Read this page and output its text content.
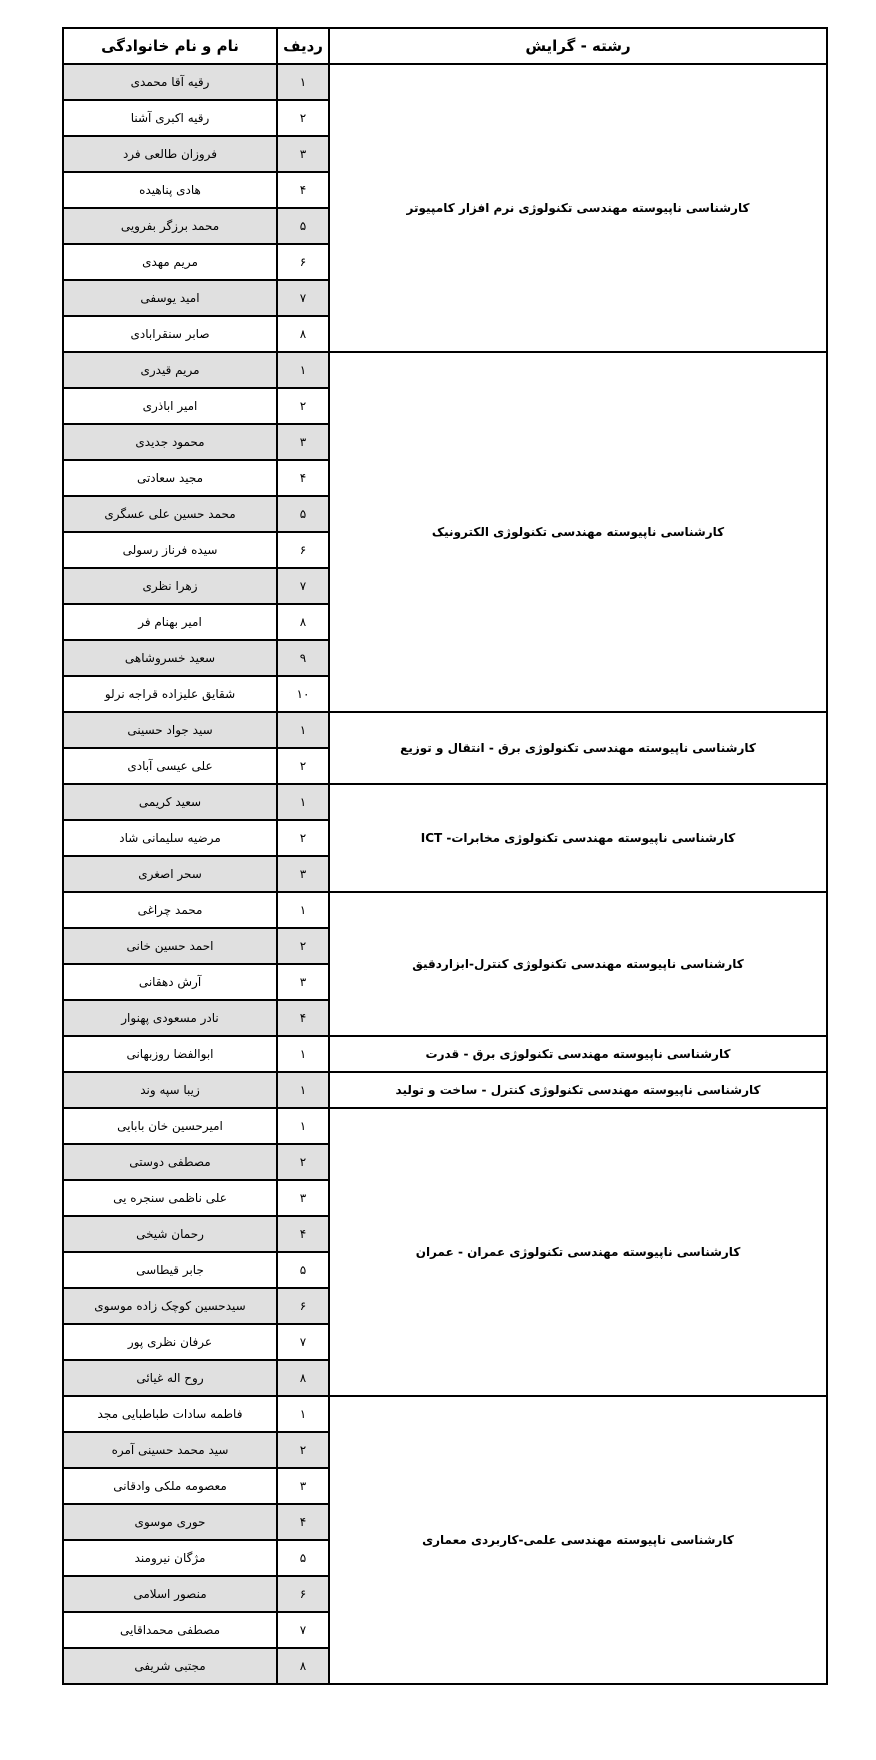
رشته - گرایش	ردیف	نام و نام خانوادگی
کارشناسی ناپیوسته مهندسی تکنولوژی نرم افزار کامپیوتر	۱	رقیه آقا محمدی
	۲	رقیه اکبری آشنا
	۳	فروزان طالعی فرد
	۴	هادی پناهیده
	۵	محمد برزگر بفرویی
	۶	مریم مهدی
	۷	امید یوسفی
	۸	صابر سنقرابادی
کارشناسی ناپیوسته مهندسی تکنولوژی الکترونیک	۱	مریم قیدری
	۲	امیر اباذری
	۳	محمود جدیدی
	۴	مجید سعادتی
	۵	محمد حسین علی عسگری
	۶	سیده فرناز رسولی
	۷	زهرا نظری
	۸	امیر بهنام فر
	۹	سعید خسروشاهی
	۱۰	شقایق علیزاده قراجه نرلو
کارشناسی ناپیوسته مهندسی تکنولوژی برق - انتقال و توزیع	۱	سید جواد حسینی
	۲	علی عیسی آبادی
کارشناسی ناپیوسته مهندسی تکنولوژی مخابرات- ICT	۱	سعید کریمی
	۲	مرضیه سلیمانی شاد
	۳	سحر اصغری
کارشناسی ناپیوسته مهندسی تکنولوژی کنترل-ابزاردقیق	۱	محمد چراغی
	۲	احمد حسین خانی
	۳	آرش دهقانی
	۴	نادر مسعودی پهنوار
کارشناسی ناپیوسته مهندسی تکنولوژی برق - قدرت	۱	ابوالفضا روزبهانی
کارشناسی ناپیوسته مهندسی تکنولوژی کنترل - ساخت و تولید	۱	زیبا سپه وند
کارشناسی ناپیوسته مهندسی تکنولوژی عمران - عمران	۱	امیرحسین خان بابایی
	۲	مصطفی دوستی
	۳	علی ناظمی سنجره یی
	۴	رحمان شیخی
	۵	جابر قیطاسی
	۶	سیدحسین کوچک زاده موسوی
	۷	عرفان نظری پور
	۸	روح اله غیائی
کارشناسی ناپیوسته مهندسی علمی-کاربردی معماری	۱	فاطمه سادات طباطبایی مجد
	۲	سید محمد حسینی آمره
	۳	معصومه ملکی وادقانی
	۴	حوری موسوی
	۵	مژگان نیرومند
	۶	منصور اسلامی
	۷	مصطفی محمداقایی
	۸	مجتبی شریفی
